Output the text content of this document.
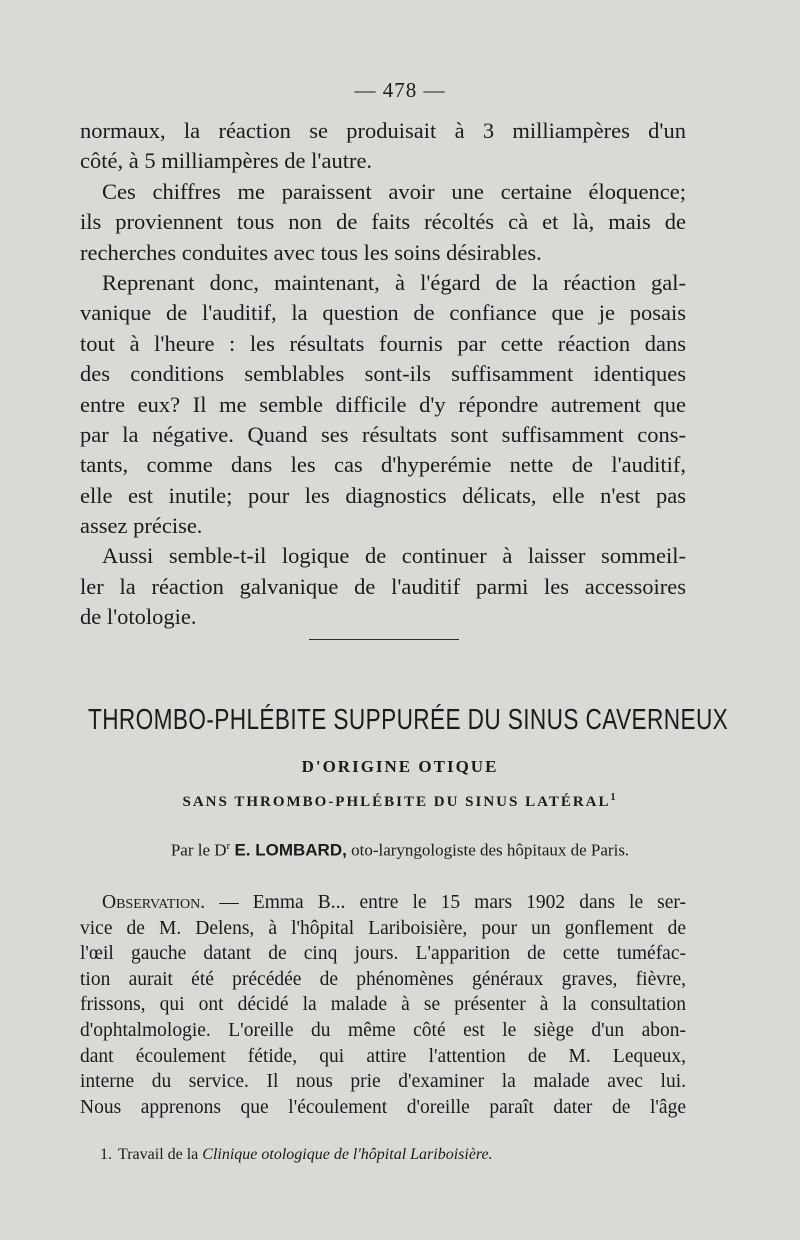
— 478 —
normaux, la réaction se produisait à 3 milliampères d'un
côté, à 5 milliampères de l'autre.
Ces chiffres me paraissent avoir une certaine éloquence;
ils proviennent tous non de faits récoltés cà et là, mais de
recherches conduites avec tous les soins désirables.
Reprenant donc, maintenant, à l'égard de la réaction gal-
vanique de l'auditif, la question de confiance que je posais
tout à l'heure : les résultats fournis par cette réaction dans
des conditions semblables sont-ils suffisamment identiques
entre eux? Il me semble difficile d'y répondre autrement que
par la négative. Quand ses résultats sont suffisamment cons-
tants, comme dans les cas d'hyperémie nette de l'auditif,
elle est inutile; pour les diagnostics délicats, elle n'est pas
assez précise.
Aussi semble-t-il logique de continuer à laisser sommeil-
ler la réaction galvanique de l'auditif parmi les accessoires
de l'otologie.
THROMBO-PHLÉBITE SUPPURÉE DU SINUS CAVERNEUX
D'ORIGINE OTIQUE
SANS THROMBO-PHLÉBITE DU SINUS LATÉRAL$^1$
Par le $D^r$ E. LOMBARD, oto-laryngologiste des hôpitaux de Paris.
Observation. — Emma B... entre le 15 mars 1902 dans le ser-
vice de M. Delens, à l'hôpital Lariboisière, pour un gonflement de
l'œil gauche datant de cinq jours. L'apparition de cette tuméfac-
tion aurait été précédée de phénomènes généraux graves, fièvre,
frissons, qui ont décidé la malade à se présenter à la consultation
d'ophtalmologie. L'oreille du même côté est le siège d'un abon-
dant écoulement fétide, qui attire l'attention de M. Lequeux,
interne du service. Il nous prie d'examiner la malade avec lui.
Nous apprenons que l'écoulement d'oreille paraît dater de l'âge
1. Travail de la Clinique otologique de l'hôpital Lariboisière.
